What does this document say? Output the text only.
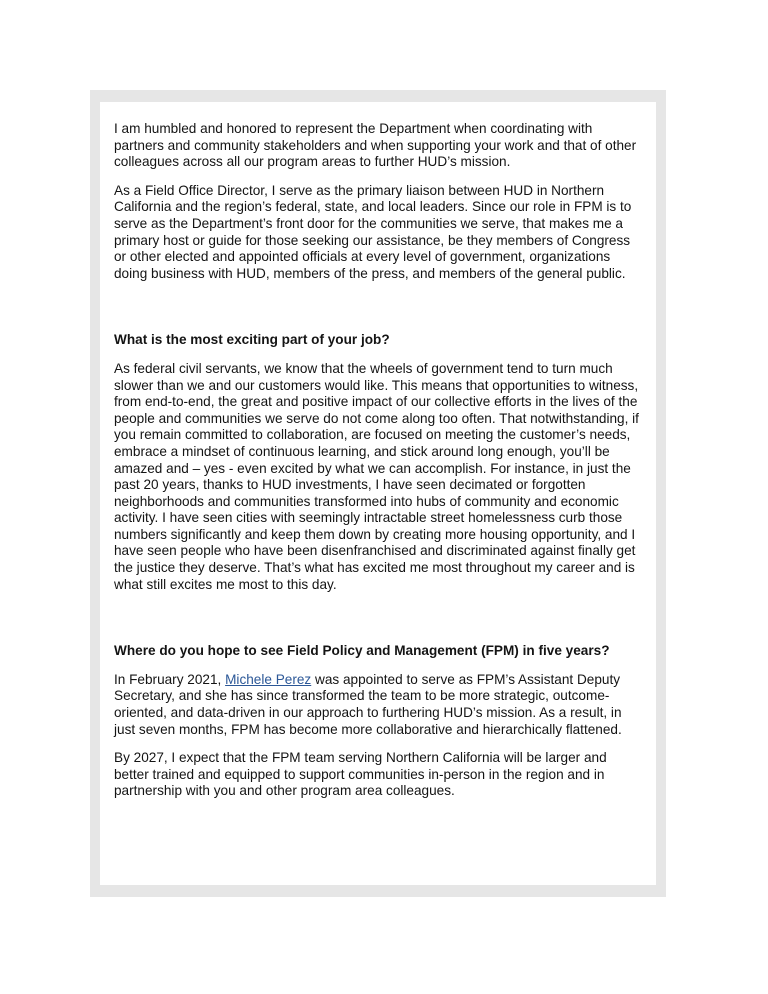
I am humbled and honored to represent the Department when coordinating with partners and community stakeholders and when supporting your work and that of other colleagues across all our program areas to further HUD’s mission.

As a Field Office Director, I serve as the primary liaison between HUD in Northern California and the region’s federal, state, and local leaders. Since our role in FPM is to serve as the Department’s front door for the communities we serve, that makes me a primary host or guide for those seeking our assistance, be they members of Congress or other elected and appointed officials at every level of government, organizations doing business with HUD, members of the press, and members of the general public.

What is the most exciting part of your job?

As federal civil servants, we know that the wheels of government tend to turn much slower than we and our customers would like. This means that opportunities to witness, from end-to-end, the great and positive impact of our collective efforts in the lives of the people and communities we serve do not come along too often. That notwithstanding, if you remain committed to collaboration, are focused on meeting the customer’s needs, embrace a mindset of continuous learning, and stick around long enough, you’ll be amazed and – yes - even excited by what we can accomplish. For instance, in just the past 20 years, thanks to HUD investments, I have seen decimated or forgotten neighborhoods and communities transformed into hubs of community and economic activity. I have seen cities with seemingly intractable street homelessness curb those numbers significantly and keep them down by creating more housing opportunity, and I have seen people who have been disenfranchised and discriminated against finally get the justice they deserve. That’s what has excited me most throughout my career and is what still excites me most to this day.

Where do you hope to see Field Policy and Management (FPM) in five years?

In February 2021, Michele Perez was appointed to serve as FPM’s Assistant Deputy Secretary, and she has since transformed the team to be more strategic, outcome-oriented, and data-driven in our approach to furthering HUD’s mission. As a result, in just seven months, FPM has become more collaborative and hierarchically flattened.

By 2027, I expect that the FPM team serving Northern California will be larger and better trained and equipped to support communities in-person in the region and in partnership with you and other program area colleagues.
